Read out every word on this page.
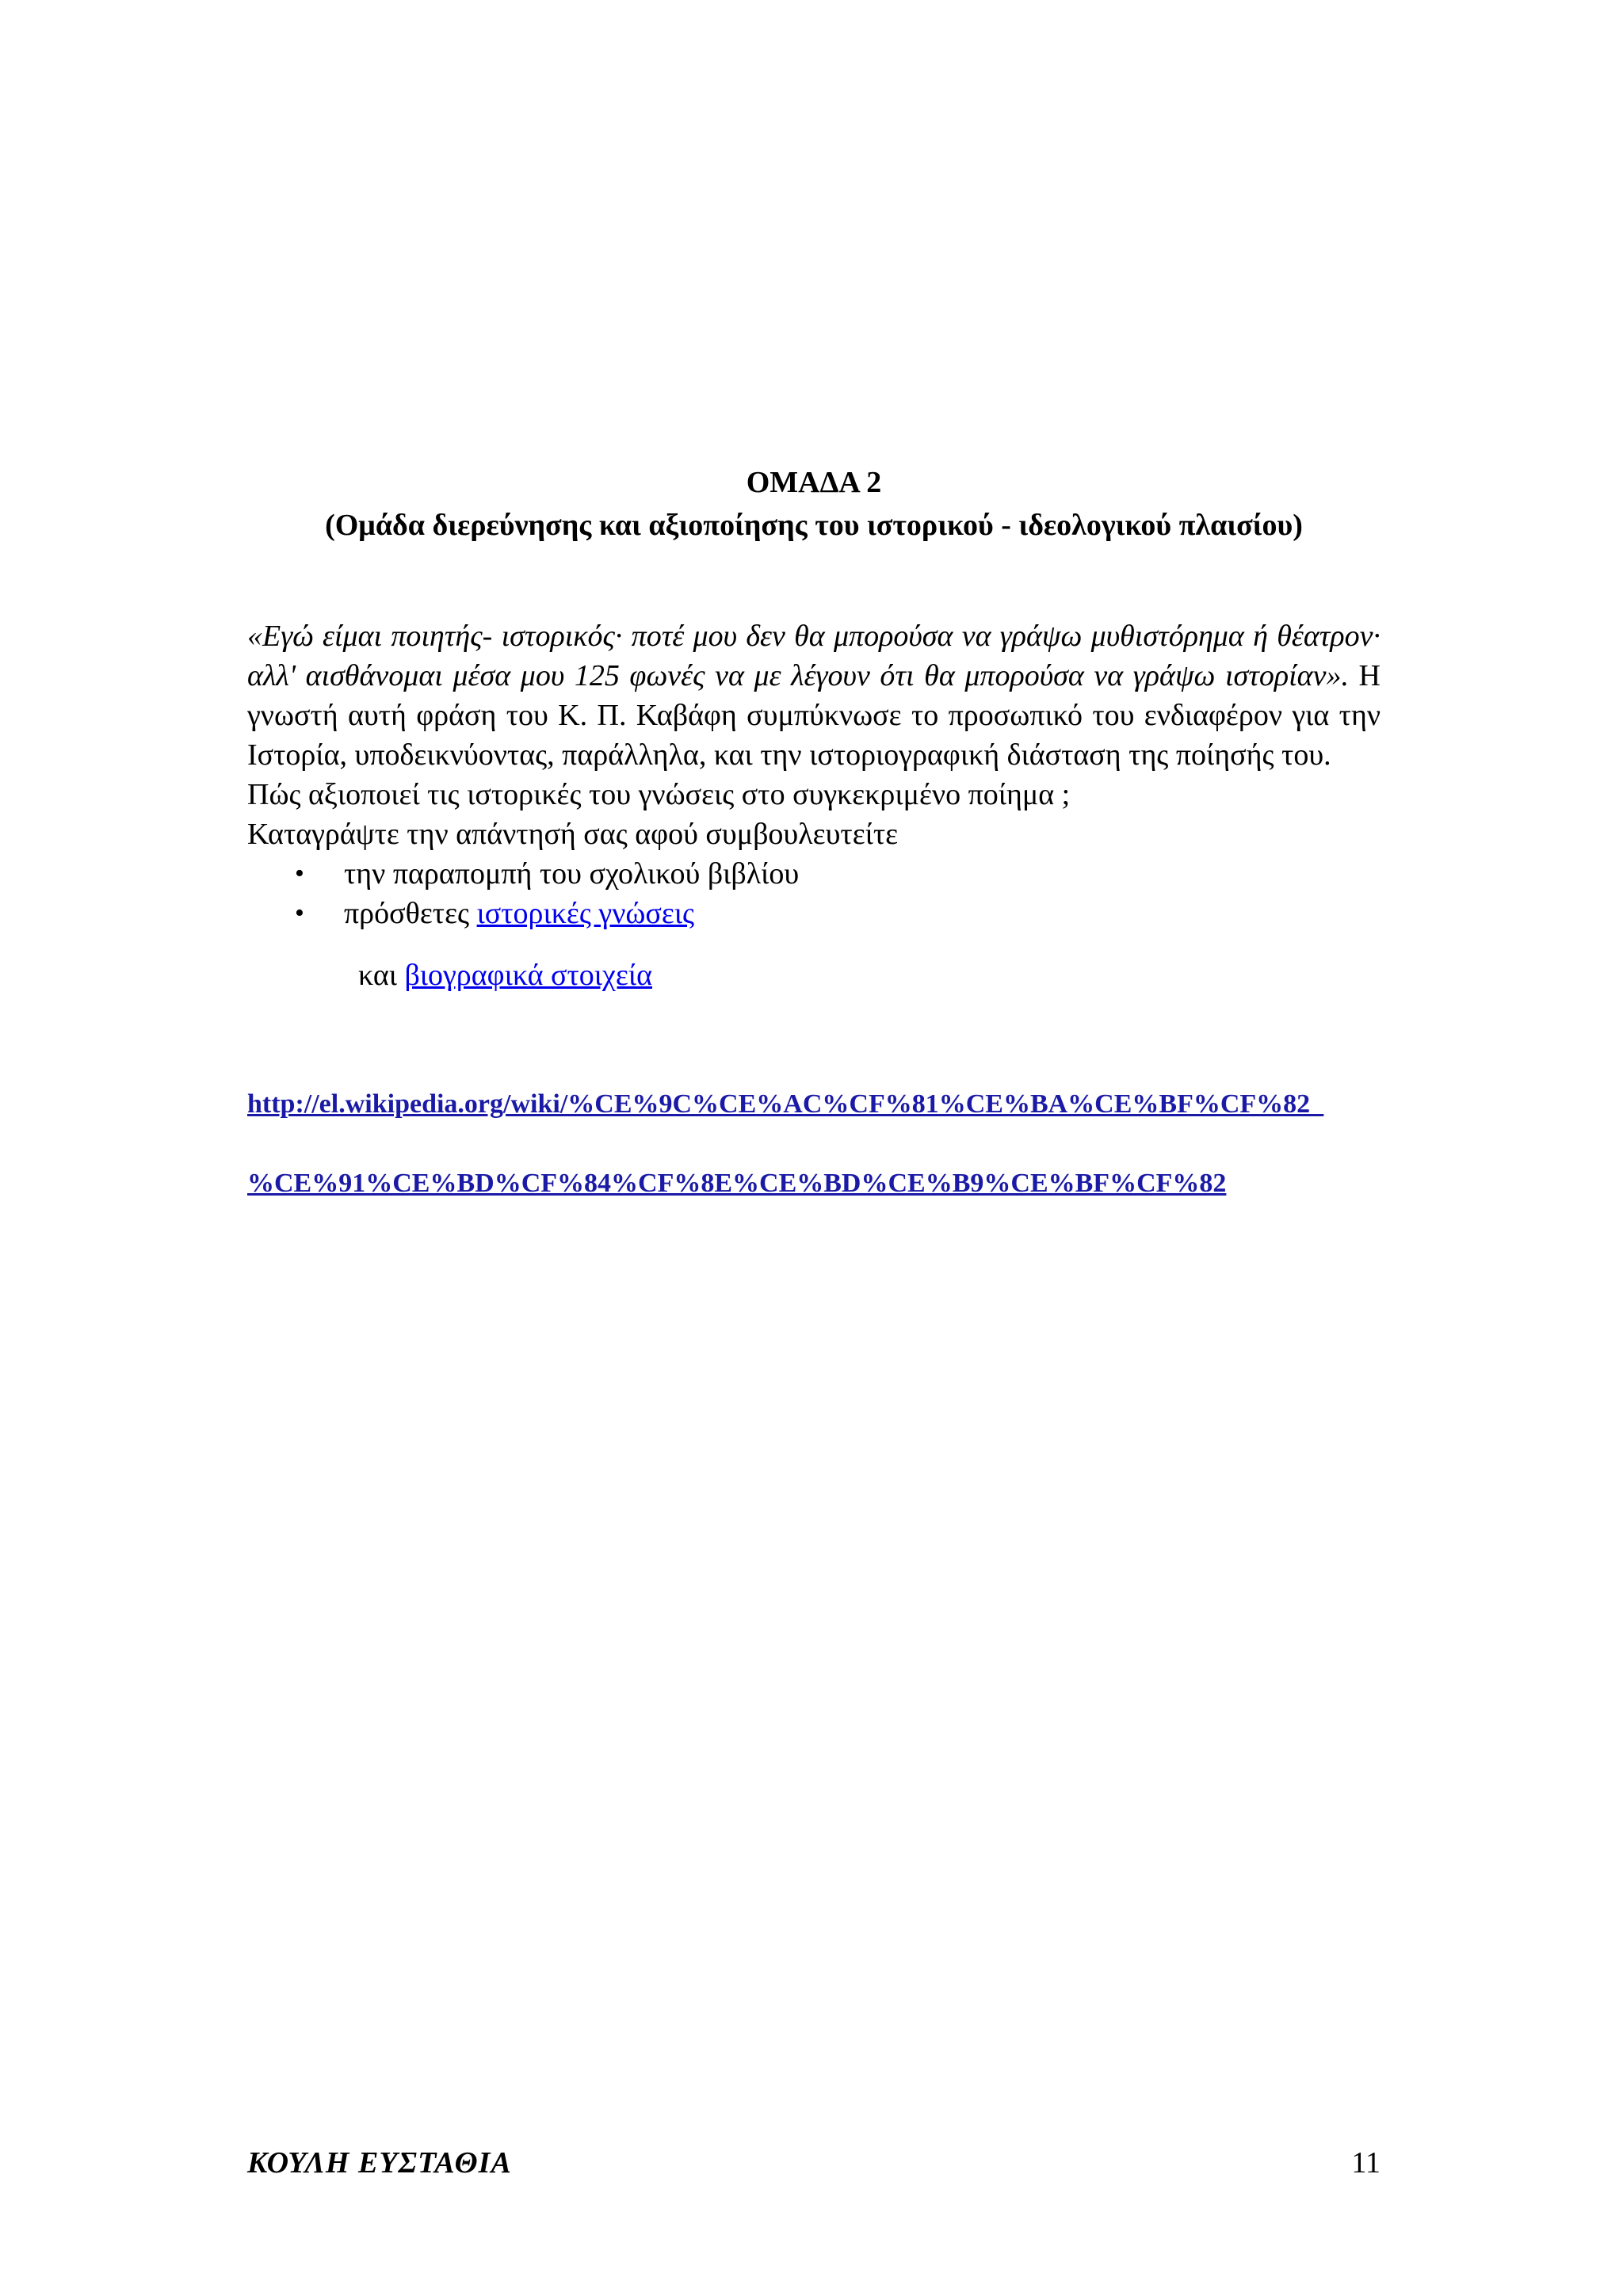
ΟΜΑΔΑ 2
(Ομάδα διερεύνησης και αξιοποίησης του ιστορικού - ιδεολογικού πλαισίου)

«Εγώ είμαι ποιητής- ιστορικός· ποτέ μου δεν θα μπορούσα να γράψω μυθιστόρημα ή θέατρον· αλλ' αισθάνομαι μέσα μου 125 φωνές να με λέγουν ότι θα μπορούσα να γράψω ιστορίαν». Η γνωστή αυτή φράση του Κ. Π. Καβάφη συμπύκνωσε το προσωπικό του ενδιαφέρον για την Ιστορία, υποδεικνύοντας, παράλληλα, και την ιστοριογραφική διάσταση της ποίησής του.

Πώς αξιοποιεί τις ιστορικές του γνώσεις στο συγκεκριμένο ποίημα ;

Καταγράψτε την απάντησή σας αφού συμβουλευτείτε

• την παραπομπή του σχολικού βιβλίου
• πρόσθετες ιστορικές γνώσεις

και βιογραφικά στοιχεία

http://el.wikipedia.org/wiki/%CE%9C%CE%AC%CF%81%CE%BA%CE%BF%CF%82_
%CE%91%CE%BD%CF%84%CF%8E%CE%BD%CE%B9%CE%BF%CF%82
ΚΟΥΛΗ ΕΥΣΤΑΘΙΑ	11
